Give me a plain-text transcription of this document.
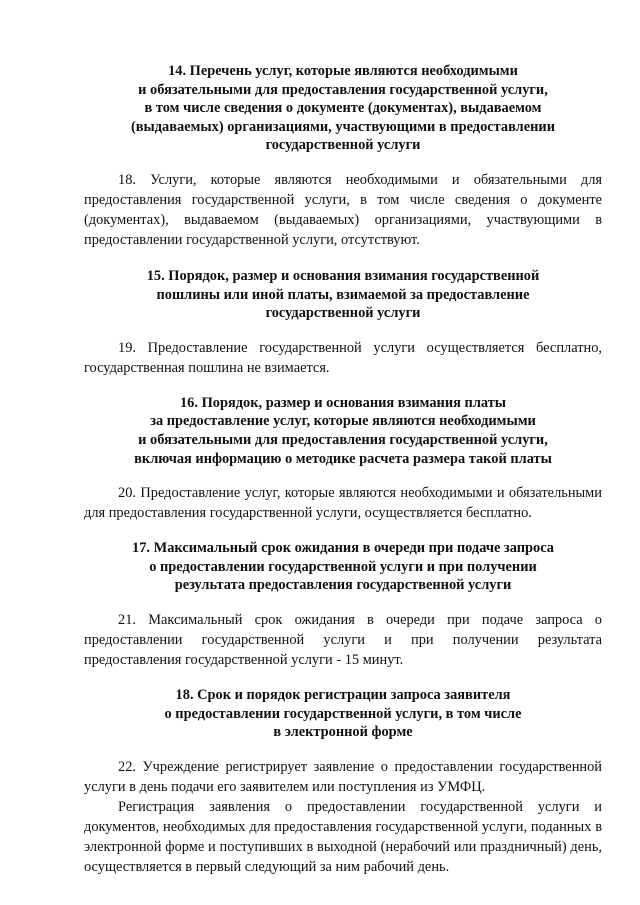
14. Перечень услуг, которые являются необходимыми
и обязательными для предоставления государственной услуги,
в том числе сведения о документе (документах), выдаваемом
(выдаваемых) организациями, участвующими в предоставлении
государственной услуги

18. Услуги, которые являются необходимыми и обязательными для предоставления государственной услуги, в том числе сведения о документе (документах), выдаваемом (выдаваемых) организациями, участвующими в предоставлении государственной услуги, отсутствуют.

15. Порядок, размер и основания взимания государственной
пошлины или иной платы, взимаемой за предоставление
государственной услуги

19. Предоставление государственной услуги осуществляется бесплатно, государственная пошлина не взимается.

16. Порядок, размер и основания взимания платы
за предоставление услуг, которые являются необходимыми
и обязательными для предоставления государственной услуги,
включая информацию о методике расчета размера такой платы

20. Предоставление услуг, которые являются необходимыми и обязательными для предоставления государственной услуги, осуществляется бесплатно.

17. Максимальный срок ожидания в очереди при подаче запроса
о предоставлении государственной услуги и при получении
результата предоставления государственной услуги

21. Максимальный срок ожидания в очереди при подаче запроса о предоставлении государственной услуги и при получении результата предоставления государственной услуги - 15 минут.

18. Срок и порядок регистрации запроса заявителя
о предоставлении государственной услуги, в том числе
в электронной форме

22. Учреждение регистрирует заявление о предоставлении государственной услуги в день подачи его заявителем или поступления из УМФЦ.

Регистрация заявления о предоставлении государственной услуги и документов, необходимых для предоставления государственной услуги, поданных в электронной форме и поступивших в выходной (нерабочий или праздничный) день, осуществляется в первый следующий за ним рабочий день.
